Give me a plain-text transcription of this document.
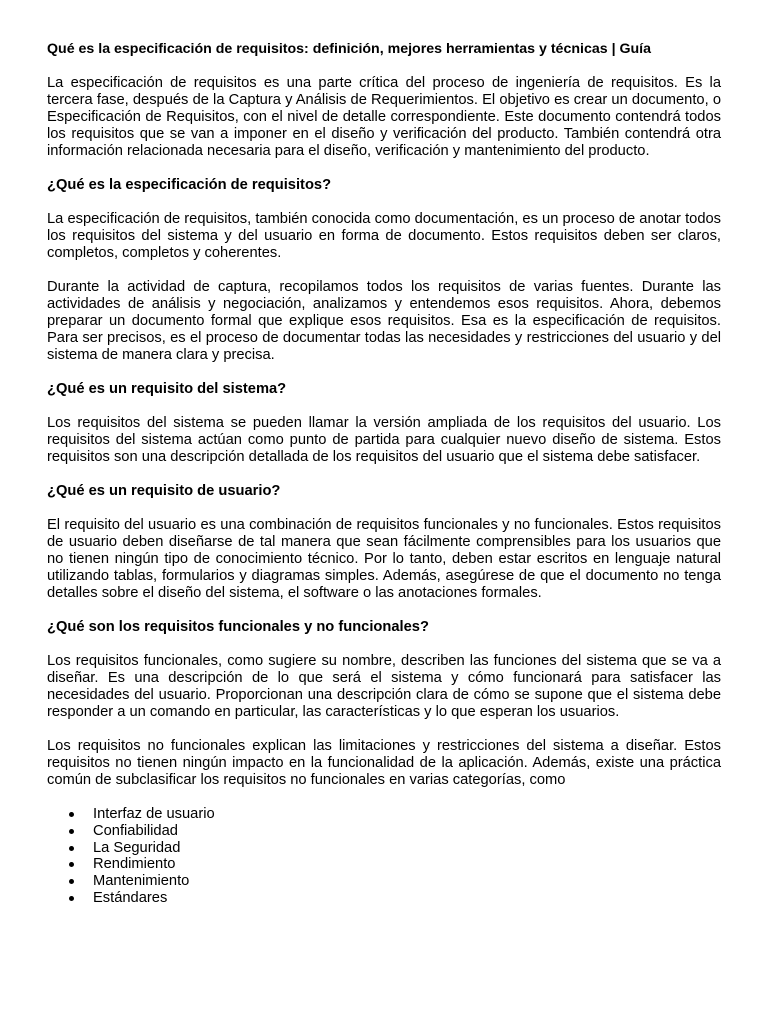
Qué es la especificación de requisitos: definición, mejores herramientas y técnicas | Guía

La especificación de requisitos es una parte crítica del proceso de ingeniería de requisitos. Es la tercera fase, después de la Captura y Análisis de Requerimientos. El objetivo es crear un documento, o Especificación de Requisitos, con el nivel de detalle correspondiente. Este documento contendrá todos los requisitos que se van a imponer en el diseño y verificación del producto. También contendrá otra información relacionada necesaria para el diseño, verificación y mantenimiento del producto.

¿Qué es la especificación de requisitos?

La especificación de requisitos, también conocida como documentación, es un proceso de anotar todos los requisitos del sistema y del usuario en forma de documento. Estos requisitos deben ser claros, completos, completos y coherentes.

Durante la actividad de captura, recopilamos todos los requisitos de varias fuentes. Durante las actividades de análisis y negociación, analizamos y entendemos esos requisitos. Ahora, debemos preparar un documento formal que explique esos requisitos. Esa es la especificación de requisitos. Para ser precisos, es el proceso de documentar todas las necesidades y restricciones del usuario y del sistema de manera clara y precisa.

¿Qué es un requisito del sistema?

Los requisitos del sistema se pueden llamar la versión ampliada de los requisitos del usuario. Los requisitos del sistema actúan como punto de partida para cualquier nuevo diseño de sistema. Estos requisitos son una descripción detallada de los requisitos del usuario que el sistema debe satisfacer.

¿Qué es un requisito de usuario?

El requisito del usuario es una combinación de requisitos funcionales y no funcionales. Estos requisitos de usuario deben diseñarse de tal manera que sean fácilmente comprensibles para los usuarios que no tienen ningún tipo de conocimiento técnico. Por lo tanto, deben estar escritos en lenguaje natural utilizando tablas, formularios y diagramas simples. Además, asegúrese de que el documento no tenga detalles sobre el diseño del sistema, el software o las anotaciones formales.

¿Qué son los requisitos funcionales y no funcionales?

Los requisitos funcionales, como sugiere su nombre, describen las funciones del sistema que se va a diseñar. Es una descripción de lo que será el sistema y cómo funcionará para satisfacer las necesidades del usuario. Proporcionan una descripción clara de cómo se supone que el sistema debe responder a un comando en particular, las características y lo que esperan los usuarios.

Los requisitos no funcionales explican las limitaciones y restricciones del sistema a diseñar. Estos requisitos no tienen ningún impacto en la funcionalidad de la aplicación. Además, existe una práctica común de subclasificar los requisitos no funcionales en varias categorías, como

Interfaz de usuario
Confiabilidad
La Seguridad
Rendimiento
Mantenimiento
Estándares
